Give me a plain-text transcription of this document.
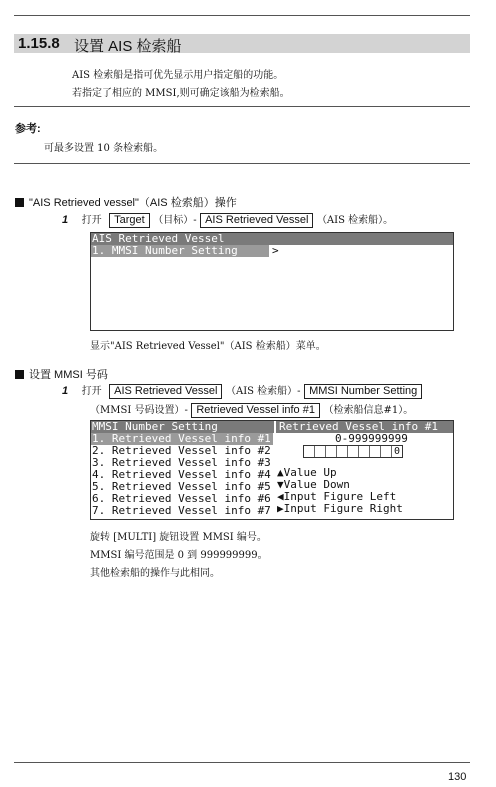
1.15.8 设置 AIS 检索船
AIS 检索船是指可优先显示用户指定船的功能。
若指定了相应的 MMSI,则可确定该船为检索船。
参考:
可最多设置 10 条检索船。
"AIS Retrieved vessel"（AIS 检索船）操作
1 打开 Target （目标）- AIS Retrieved Vessel （AIS 检索船）。
AIS Retrieved Vessel
1. MMSI Number Setting	>
显示"AIS Retrieved Vessel"（AIS 检索船）菜单。
设置 MMSI 号码
1 打开 AIS Retrieved Vessel （AIS 检索船）- MMSI Number Setting
（MMSI 号码设置）- Retrieved Vessel info #1 （检索船信息#1）。
MMSI Number Setting	Retrieved Vessel info #1
1. Retrieved Vessel info #1
2. Retrieved Vessel info #2
3. Retrieved Vessel info #3
4. Retrieved Vessel info #4
5. Retrieved Vessel info #5
6. Retrieved Vessel info #6
7. Retrieved Vessel info #7
0-999999999
0
▲Value Up
▼Value Down
◀Input Figure Left
▶Input Figure Right
旋转 [MULTI] 旋钮设置 MMSI 编号。
MMSI 编号范围是 0 到 999999999。
其他检索船的操作与此相同。
130
